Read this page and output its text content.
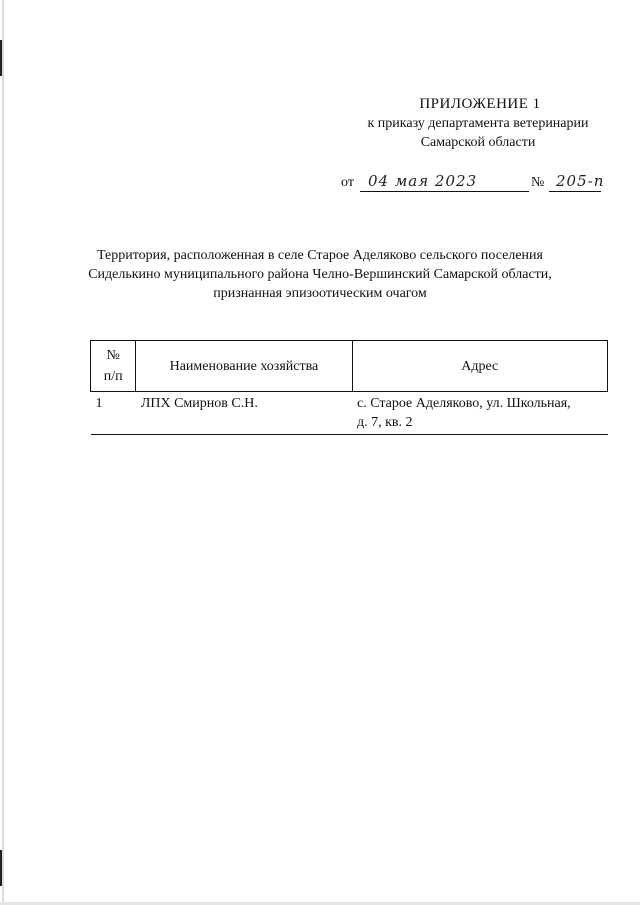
ПРИЛОЖЕНИЕ 1
к приказу департамента ветеринарии
Самарской области
от 04 мая 2023	№ 205-п
Территория, расположенная в селе Старое Аделяково сельского поселения
Сиделькино муниципального района Челно-Вершинский Самарской области,
признанная эпизоотическим очагом
№
п/п	Наименование хозяйства	Адрес
1	ЛПХ Смирнов С.Н.	с. Старое Аделяково, ул. Школьная,
д. 7, кв. 2
